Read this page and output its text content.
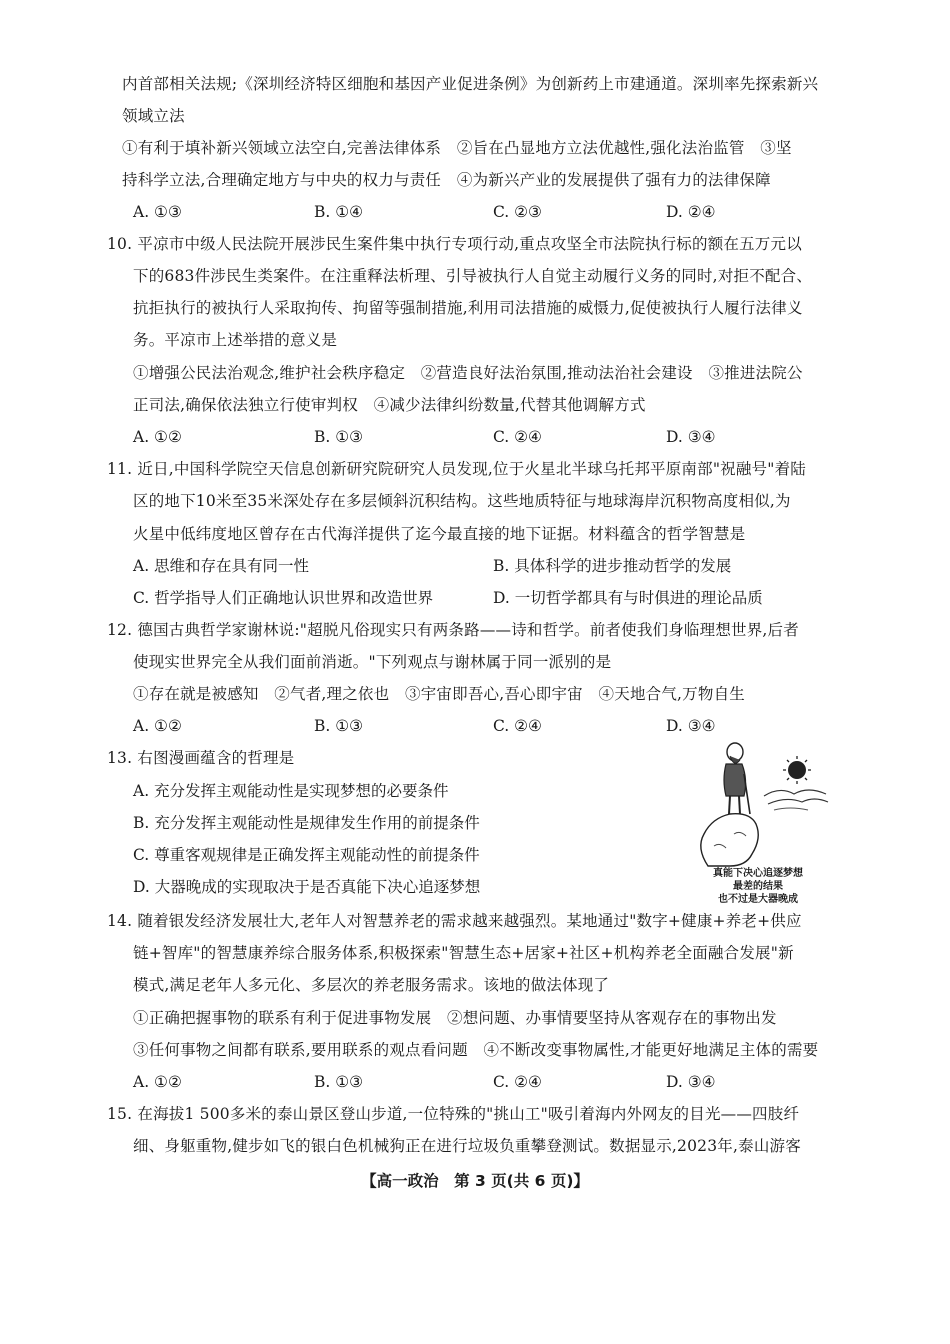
内首部相关法规;《深圳经济特区细胞和基因产业促进条例》为创新药上市建通道。深圳率先探索新兴
领域立法
①有利于填补新兴领域立法空白,完善法律体系　②旨在凸显地方立法优越性,强化法治监管　③坚
持科学立法,合理确定地方与中央的权力与责任　④为新兴产业的发展提供了强有力的法律保障
A. ①③	B. ①④	C. ②③	D. ②④
10. 平凉市中级人民法院开展涉民生案件集中执行专项行动,重点攻坚全市法院执行标的额在五万元以
下的683件涉民生类案件。在注重释法析理、引导被执行人自觉主动履行义务的同时,对拒不配合、
抗拒执行的被执行人采取拘传、拘留等强制措施,利用司法措施的威慑力,促使被执行人履行法律义
务。平凉市上述举措的意义是
①增强公民法治观念,维护社会秩序稳定　②营造良好法治氛围,推动法治社会建设　③推进法院公
正司法,确保依法独立行使审判权　④减少法律纠纷数量,代替其他调解方式
A. ①②	B. ①③	C. ②④	D. ③④
11. 近日,中国科学院空天信息创新研究院研究人员发现,位于火星北半球乌托邦平原南部"祝融号"着陆
区的地下10米至35米深处存在多层倾斜沉积结构。这些地质特征与地球海岸沉积物高度相似,为
火星中低纬度地区曾存在古代海洋提供了迄今最直接的地下证据。材料蕴含的哲学智慧是
A. 思维和存在具有同一性	B. 具体科学的进步推动哲学的发展
C. 哲学指导人们正确地认识世界和改造世界	D. 一切哲学都具有与时俱进的理论品质
12. 德国古典哲学家谢林说:"超脱凡俗现实只有两条路——诗和哲学。前者使我们身临理想世界,后者
使现实世界完全从我们面前消逝。"下列观点与谢林属于同一派别的是
①存在就是被感知　②气者,理之依也　③宇宙即吾心,吾心即宇宙　④天地合气,万物自生
A. ①②	B. ①③	C. ②④	D. ③④
13. 右图漫画蕴含的哲理是
A. 充分发挥主观能动性是实现梦想的必要条件
B. 充分发挥主观能动性是规律发生作用的前提条件
C. 尊重客观规律是正确发挥主观能动性的前提条件
D. 大器晚成的实现取决于是否真能下决心追逐梦想
真能下决心追逐梦想
最差的结果
也不过是大器晚成
14. 随着银发经济发展壮大,老年人对智慧养老的需求越来越强烈。某地通过"数字+健康+养老+供应
链+智库"的智慧康养综合服务体系,积极探索"智慧生态+居家+社区+机构养老全面融合发展"新
模式,满足老年人多元化、多层次的养老服务需求。该地的做法体现了
①正确把握事物的联系有利于促进事物发展　②想问题、办事情要坚持从客观存在的事物出发
③任何事物之间都有联系,要用联系的观点看问题　④不断改变事物属性,才能更好地满足主体的需要
A. ①②	B. ①③	C. ②④	D. ③④
15. 在海拔1 500多米的泰山景区登山步道,一位特殊的"挑山工"吸引着海内外网友的目光——四肢纤
细、身躯重物,健步如飞的银白色机械狗正在进行垃圾负重攀登测试。数据显示,2023年,泰山游客
【高一政治　第 3 页(共 6 页)】
